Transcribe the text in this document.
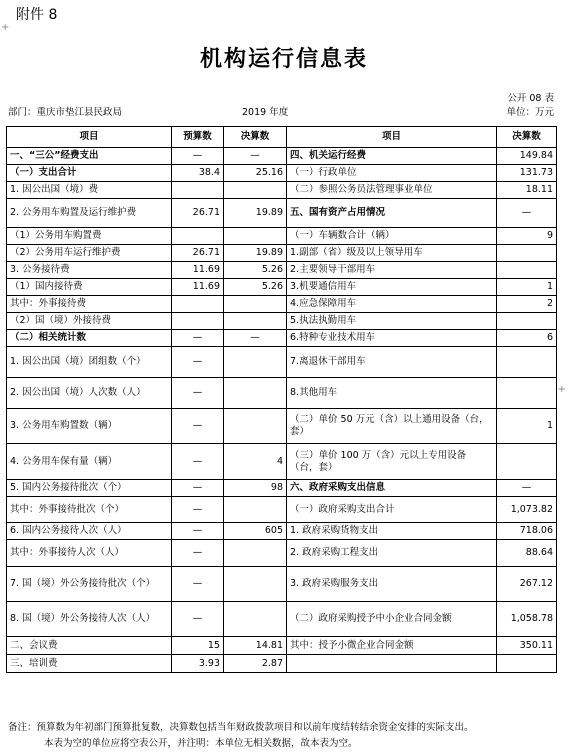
附件 8
+
+
机构运行信息表
公开 08 表
部门：重庆市垫江县民政局	2019 年度	单位：万元
项目	预算数	决算数	项目	决算数
一、“三公”经费支出	—	—	四、机关运行经费	149.84
（一）支出合计	38.4	25.16	（一）行政单位	131.73
1. 因公出国（境）费			（二）参照公务员法管理事业单位	18.11
2. 公务用车购置及运行维护费	26.71	19.89	五、国有资产占用情况	—
（1）公务用车购置费			（一）车辆数合计（辆）	9
（2）公务用车运行维护费	26.71	19.89	1.副部（省）级及以上领导用车	
3. 公务接待费	11.69	5.26	2.主要领导干部用车	
（1）国内接待费	11.69	5.26	3.机要通信用车	1
其中：外事接待费			4.应急保障用车	2
（2）国（境）外接待费			5.执法执勤用车	
（二）相关统计数	—	—	6.特种专业技术用车	6
1. 因公出国（境）团组数（个）	—		7.离退休干部用车	
2. 因公出国（境）人次数（人）	—		8.其他用车	
3. 公务用车购置数（辆）	—		（二）单价 50 万元（含）以上通用设备（台，套）	1
4. 公务用车保有量（辆）	—	4	（三）单价 100 万（含）元以上专用设备（台，套）	
5. 国内公务接待批次（个）	—	98	六、政府采购支出信息	—
其中：外事接待批次（个）	—		（一）政府采购支出合计	1,073.82
6. 国内公务接待人次（人）	—	605	1. 政府采购货物支出	718.06
其中：外事接待人次（人）	—		2. 政府采购工程支出	88.64
7. 国（境）外公务接待批次（个）	—		3. 政府采购服务支出	267.12
8. 国（境）外公务接待人次（人）	—		（二）政府采购授予中小企业合同金额	1,058.78
二、会议费	15	14.81	其中：授予小微企业合同金额	350.11
三、培训费	3.93	2.87		
备注：预算数为年初部门预算批复数，决算数包括当年财政拨款项目和以前年度结转结余资金安排的实际支出。
本表为空的单位应将空表公开，并注明：本单位无相关数据，故本表为空。
